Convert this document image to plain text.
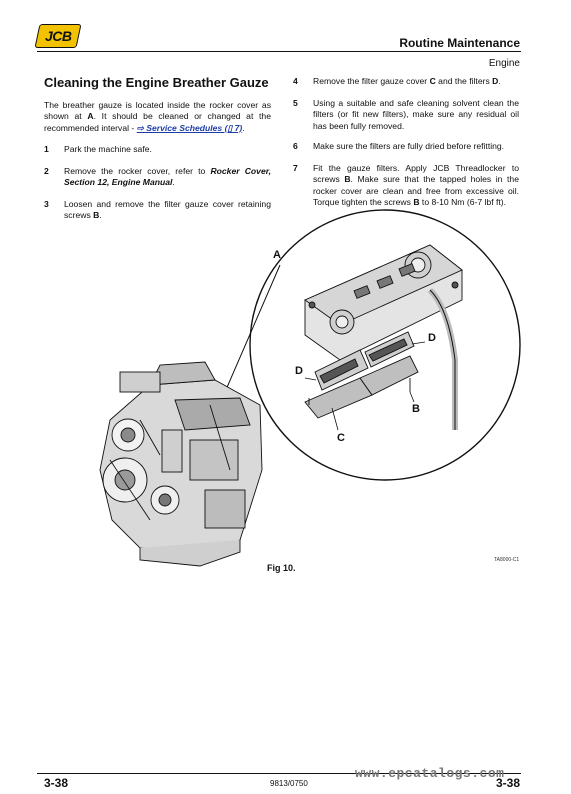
JCB	Routine Maintenance
Engine
Cleaning the Engine Breather Gauze
The breather gauze is located inside the rocker cover as shown at A. It should be cleaned or changed at the recommended interval - ⇨ Service Schedules (▯ 7).
1	Park the machine safe.
2	Remove the rocker cover, refer to Rocker Cover, Section 12, Engine Manual.
3	Loosen and remove the filter gauze cover retaining screws B.
4	Remove the filter gauze cover C and the filters D.
5	Using a suitable and safe cleaning solvent clean the filters (or fit new filters), make sure any residual oil has been fully removed.
6	Make sure the filters are fully dried before refitting.
7	Fit the gauze filters. Apply JCB Threadlocker to screws B. Make sure that the tapped holes in the rocker cover are clean and free from excessive oil. Torque tighten the screws B to 8-10 Nm (6-7 lbf ft).
A
D
D
B
C
TA8000-C1
Fig 10.
3-38	9813/0750
www.epcatalogs.com
3-38
